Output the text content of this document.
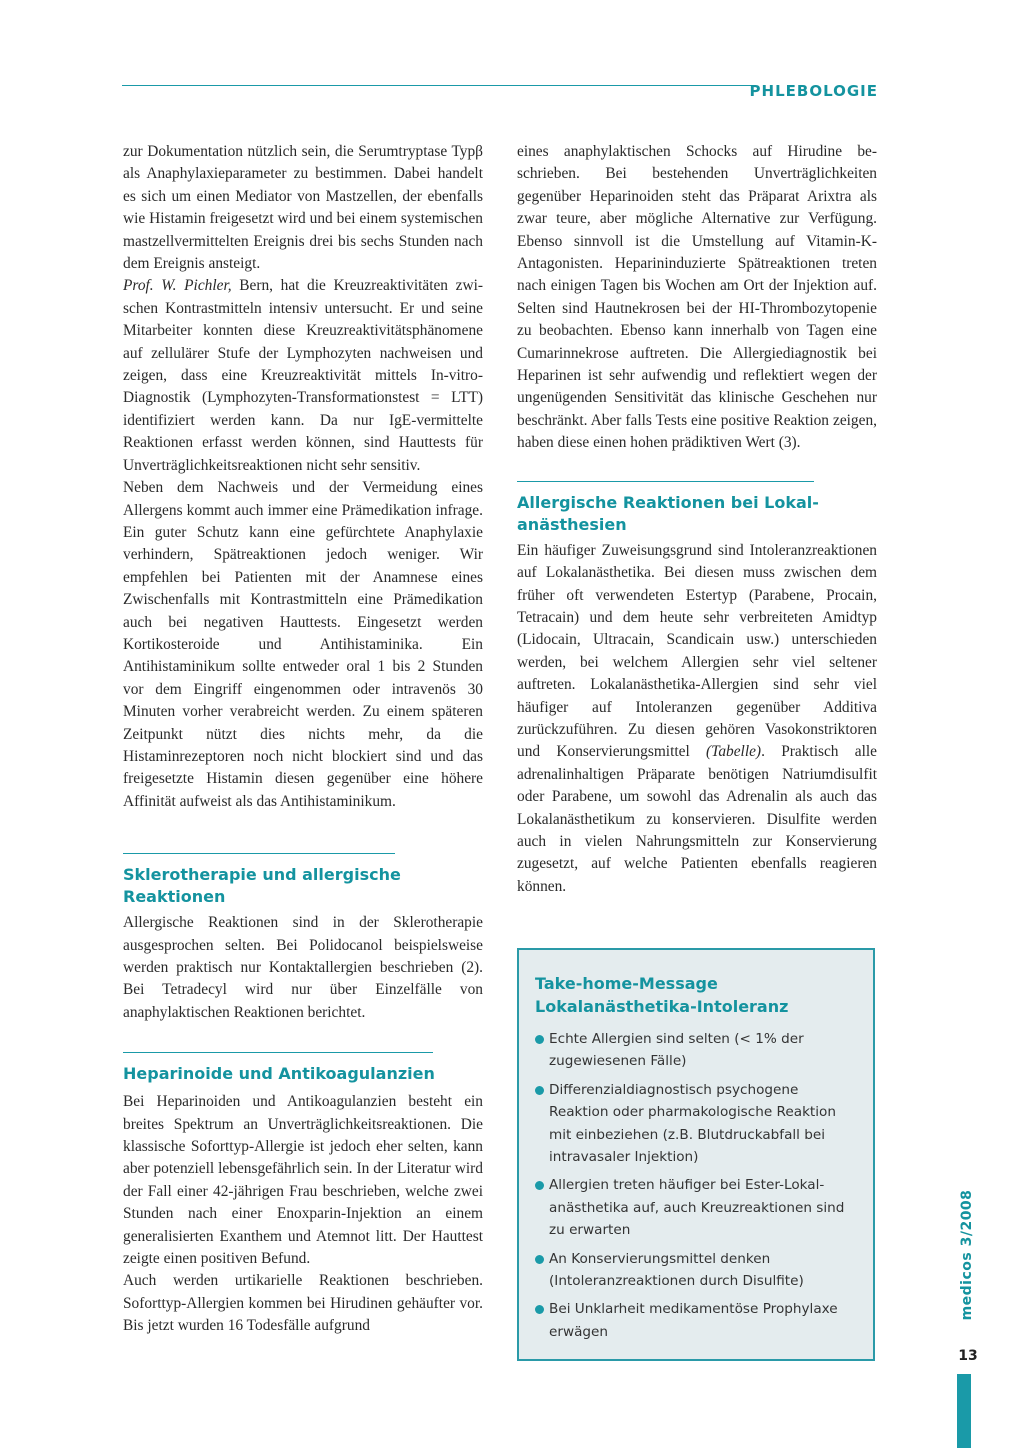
PHLEBOLOGIE

zur Dokumentation nützlich sein, die Serumtryptase Typβ als Anaphylaxieparameter zu bestimmen. Dabei handelt es sich um einen Mediator von Mastzellen, der ebenfalls wie Histamin freigesetzt wird und bei einem systemischen mastzellvermittelten Ereignis drei bis sechs Stunden nach dem Ereignis ansteigt.

Prof. W. Pichler, Bern, hat die Kreuzreaktivitäten zwischen Kontrastmitteln intensiv untersucht. Er und seine Mitarbeiter konnten diese Kreuzreaktivitätsphänomene auf zellulärer Stufe der Lymphozyten nachweisen und zeigen, dass eine Kreuzreaktivität mittels In-vitro-Diagnostik (Lymphozyten-Transformationstest = LTT) identifiziert werden kann. Da nur IgE-vermittelte Reaktionen erfasst werden können, sind Hauttests für Unverträglichkeitsreaktionen nicht sehr sensitiv.

Neben dem Nachweis und der Vermeidung eines Allergens kommt auch immer eine Prämedikation infrage. Ein guter Schutz kann eine gefürchtete Anaphylaxie verhindern, Spätreaktionen jedoch weniger. Wir empfehlen bei Patienten mit der Anamnese eines Zwischenfalls mit Kontrastmitteln eine Prämedikation auch bei negativen Hauttests. Eingesetzt werden Kortikosteroide und Antihistaminika. Ein Antihistaminikum sollte entweder oral 1 bis 2 Stunden vor dem Eingriff eingenommen oder intravenös 30 Minuten vorher verabreicht werden. Zu einem späteren Zeitpunkt nützt dies nichts mehr, da die Histaminrezeptoren noch nicht blockiert sind und das freigesetzte Histamin diesen gegenüber eine höhere Affinität aufweist als das Antihistaminikum.

Sklerotherapie und allergische Reaktionen

Allergische Reaktionen sind in der Sklerotherapie ausgesprochen selten. Bei Polidocanol beispielsweise werden praktisch nur Kontaktallergien beschrieben (2). Bei Tetradecyl wird nur über Einzelfälle von anaphylaktischen Reaktionen berichtet.

Heparinoide und Antikoagulanzien

Bei Heparinoiden und Antikoagulanzien besteht ein breites Spektrum an Unverträglichkeitsreaktionen. Die klassische Soforttyp-Allergie ist jedoch eher selten, kann aber potenziell lebensgefährlich sein. In der Literatur wird der Fall einer 42-jährigen Frau beschrieben, welche zwei Stunden nach einer Enoxparin-Injektion an einem generalisierten Exanthem und Atemnot litt. Der Hauttest zeigte einen positiven Befund.

Auch werden urtikarielle Reaktionen beschrieben. Soforttyp-Allergien kommen bei Hirudinen gehäufter vor. Bis jetzt wurden 16 Todesfälle aufgrund

eines anaphylaktischen Schocks auf Hirudine beschrieben. Bei bestehenden Unverträglichkeiten gegenüber Heparinoiden steht das Präparat Arixtra als zwar teure, aber mögliche Alternative zur Verfügung. Ebenso sinnvoll ist die Umstellung auf Vitamin-K-Antagonisten. Heparininduzierte Spätreaktionen treten nach einigen Tagen bis Wochen am Ort der Injektion auf. Selten sind Hautnekrosen bei der HI-Thrombozytopenie zu beobachten. Ebenso kann innerhalb von Tagen eine Cumarinnekrose auftreten. Die Allergiediagnostik bei Heparinen ist sehr aufwendig und reflektiert wegen der ungenügenden Sensitivität das klinische Geschehen nur beschränkt. Aber falls Tests eine positive Reaktion zeigen, haben diese einen hohen prädiktiven Wert (3).

Allergische Reaktionen bei Lokalanästhesien

Ein häufiger Zuweisungsgrund sind Intoleranzreaktionen auf Lokalanästhetika. Bei diesen muss zwischen dem früher oft verwendeten Estertyp (Parabene, Procain, Tetracain) und dem heute sehr verbreiteten Amidtyp (Lidocain, Ultracain, Scandicain usw.) unterschieden werden, bei welchem Allergien sehr viel seltener auftreten. Lokalanästhetika-Allergien sind sehr viel häufiger auf Intoleranzen gegenüber Additiva zurückzuführen. Zu diesen gehören Vasokonstriktoren und Konservierungsmittel (Tabelle). Praktisch alle adrenalinhaltigen Präparate benötigen Natriumdisulfit oder Parabene, um sowohl das Adrenalin als auch das Lokalanästhetikum zu konservieren. Disulfite werden auch in vielen Nahrungsmitteln zur Konservierung zugesetzt, auf welche Patienten ebenfalls reagieren können.

Take-home-Message Lokalanästhetika-Intoleranz
Echte Allergien sind selten (< 1% der zugewiesenen Fälle)
Differenzialdiagnostisch psychogene Reaktion oder pharmakologische Reaktion mit einbeziehen (z.B. Blutdruckabfall bei intravasaler Injektion)
Allergien treten häufiger bei Ester-Lokalanästhetika auf, auch Kreuzreaktionen sind zu erwarten
An Konservierungsmittel denken (Intoleranzreaktionen durch Disulfite)
Bei Unklarheit medikamentöse Prophylaxe erwägen
medicos 3/2008
13
